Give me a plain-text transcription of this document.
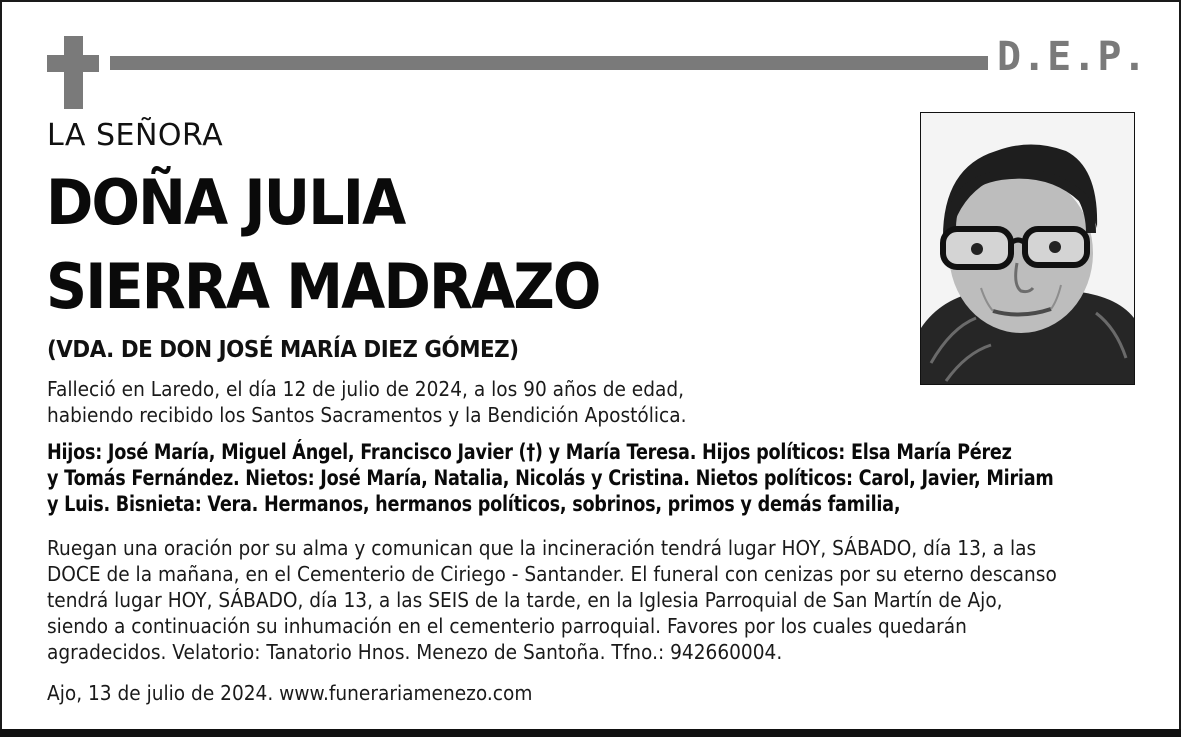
D.E.P.
LA SEÑORA
DOÑA JULIA
SIERRA MADRAZO
(VDA. DE DON JOSÉ MARÍA DIEZ GÓMEZ)
Falleció en Laredo, el día 12 de julio de 2024, a los 90 años de edad,
habiendo recibido los Santos Sacramentos y la Bendición Apostólica.
Hijos: José María, Miguel Ángel, Francisco Javier (†) y María Teresa. Hijos políticos: Elsa María Pérez
y Tomás Fernández. Nietos: José María, Natalia, Nicolás y Cristina. Nietos políticos: Carol, Javier, Miriam
y Luis. Bisnieta: Vera. Hermanos, hermanos políticos, sobrinos, primos y demás familia,
Ruegan una oración por su alma y comunican que la incineración tendrá lugar HOY, SÁBADO, día 13, a las
DOCE de la mañana, en el Cementerio de Ciriego - Santander. El funeral con cenizas por su eterno descanso
tendrá lugar HOY, SÁBADO, día 13, a las SEIS de la tarde, en la Iglesia Parroquial de San Martín de Ajo,
siendo a continuación su inhumación en el cementerio parroquial. Favores por los cuales quedarán
agradecidos. Velatorio: Tanatorio Hnos. Menezo de Santoña. Tfno.: 942660004.
Ajo, 13 de julio de 2024. www.funerariamenezo.com
